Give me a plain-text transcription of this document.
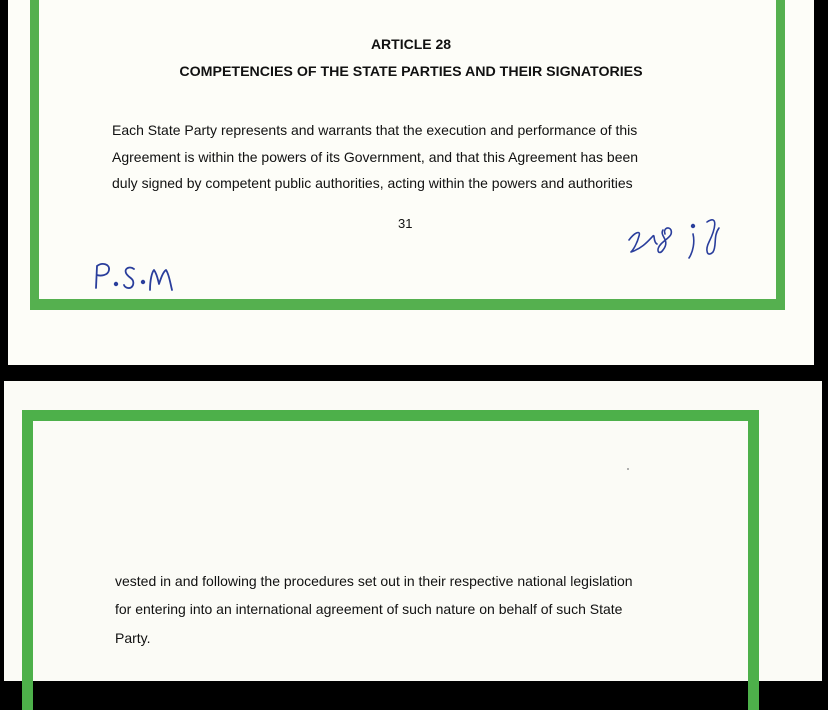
ARTICLE 28
COMPETENCIES OF THE STATE PARTIES AND THEIR SIGNATORIES
Each State Party represents and warrants that the execution and performance of this
Agreement is within the powers of its Government, and that this Agreement has been
duly signed by competent public authorities, acting within the powers and authorities
31
vested in and following the procedures set out in their respective national legislation
for entering into an international agreement of such nature on behalf of such State
Party.
